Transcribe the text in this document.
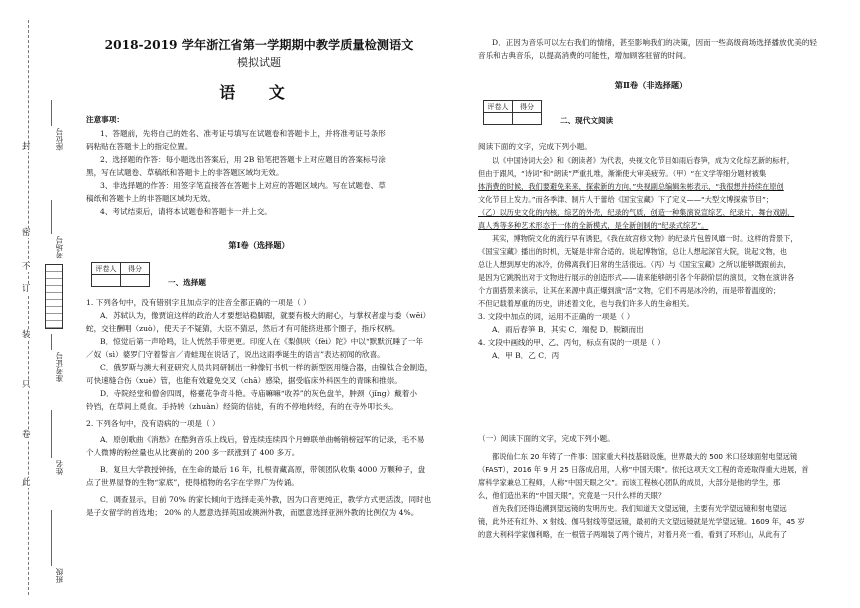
封
密
不
订
装
只
卷
此
座位号
考场号
准考证号
姓名
班级
2018-2019 学年浙江省第一学期期中教学质量检测语文
模拟试题
语 文
注意事项：

1、答题前，先将自己的姓名、准考证号填写在试题卷和答题卡上，并将准考证号条形

码粘贴在答题卡上的指定位置。

2、选择题的作答：每小题选出答案后，用 2B 铅笔把答题卡上对应题目的答案标号涂

黑，写在试题卷、草稿纸和答题卡上的非答题区域均无效。

3、非选择题的作答：用签字笔直接答在答题卡上对应的答题区域内。写在试题卷、草

稿纸和答题卡上的非答题区域均无效。

4、考试结束后，请将本试题卷和答题卡一并上交。

第Ⅰ卷（选择题）
评卷人	得分

一、选择题

1. 下列各句中，没有错别字且加点字的注音全都正确的一项是（ ）

A．苏轼认为，像贾谊这样的政治人才要想站稳脚跟，就要有极大的耐心，与掌权者虚与委（wēi）

蛇，交往酬唱（zuò），使天子不疑猜，大臣不猜忌，然后才有可能挤进那个圈子，指斥权柄。

B．惊觉后第一声哈鸣，让人恍然手带更更。印度人在《梨俱吠（fèi）陀》中以“默默沉睡了一年

／奴（sì）婆罗门守着誓言／青蛙现在说话了，说出这雨季诞生的语言”表达初闻的欣喜。

C．俄罗斯与澳大利亚研究人员共同研制出一种像钉书机一样的新型医用缝合器，由镍钛合金制造，

可快速缝合伤（xuè）管，也能有效避免交叉（chā）感染，据受临床外科医生的青睐和推崇。

D．寺院经堂和僧舍四周，格臺花争奇斗艳。寺庙嘛嘛“收养”的灰色盘羊，肿颈（jǐng）戴着小

铃铛，在草间上覓食。手持转（zhuàn）经筒的信徒，有的不停地转经，有的在寺外叩长头。

2. 下列各句中，没有语病的一项是（ ）

A．原创歌曲《消愁》在酷狗音乐上线后，曾连续连续四个月蝉联单曲畅销榜冠军的记录，毛不易

个人微博的粉丝量也从比赛前的 200 多一跃涨到了 400 多万。

B．复旦大学教授钟扬，在生命的最后 16 年，扎根青藏高原，带领团队收集 4000 万颗种子，盘

点了世界屋脊的生物“家底”，使得植物的名字在学界广为传诵。

C．调查显示，目前 70% 的家长倾向于选择走美外教，因为口音更纯正，教学方式更活泼，同时也

是子女留学的首选地； 20% 的人愿意选择英国或澳洲外教，而愿意选择亚洲外教的比例仅为 4%。

D．正因为音乐可以左右我们的情绪，甚至影响我们的决策，因而一些高级商场选择播放优美的轻

音乐和古典音乐，以提高消费的可能性，增加顾客驻留的时间。

第Ⅱ卷（非选择题）
评卷人	得分

二、现代文阅读
阅读下面的文字，完成下列小题。

以《中国诗词大会》和《朗读者》为代表，央视文化节目如雨后春笋，成为文化综艺新的标杆，

但由于跟风，“诗词”和“朗读”严重扎堆，渐渐使大审美疲劳。（甲）“在文学等细分题材被集

体消费的时候，我们要避免来来，探索新的方向，”央视副总编辑朱彬表示，“我很想并持续在原创

文化节目上发力。”而各季津、制片人于蕾给《国宝宝藏》下了定义——“大型文博探索节目”；

（乙）以历史文化的内核，综艺的外壳，纪录的气质，创造一种集演说宣综艺、纪录片，舞台戏剧，

真人秀等多种艺术形态于一体的全新模式，是全新创制的“纪录式综艺”。

其实，博物院文化的流行早有诱犯，《我在故宫修文物》的纪录片包曾风靡一时。这样的背景下，

《国宝宝藏》播出的时机，无疑是非常合适的。说起博物馆，总让人想起深官大院，说起文物，也

总让人想到厚史的冰冷，仿佛离我们日常的生活很远。（丙）与《国宝宝藏》之所以能够既跟前去，

是因为它跳脱出对于文物进行展示的创造形式——请来能够朗引各个年龄阶层的演员，文物在演讲各

个方面搭景来演示，让其在来源中真正爆到演“活”文物，它们不再是冰冷的，而是带着温度的；

不但记载着厚重的历史，讲述着文化，也与我们许多人的生命相关。

3. 文段中加点的词，运用不正确的一项是（ ）

A．雨后春笋 B．其实 C．端倪 D．脱颖而出

4. 文段中画线的甲、乙、丙句，标点有误的一项是（ ）

A．甲 B．乙 C．丙

（一）阅读下面的文字，完成下列小题。

都说仙仁东 20 年铸了一件事：国家重大科技基础设施，世界最大的 500 米口径球面射电望远镜

（FAST），2016 年 9 月 25 日落成启用，人称“中国天眼”。依托这项天文工程的奇迹取得重大进展，首

席科学家兼总工程师，人称“中国天眼之父”。而该工程核心团队的成员，大部分是他的学生，那

么，他们造出来的“中国天眼”，究竟是一只什么样的天眼？

首先我们还得追溯到望远镜的发明历史。我们知道天文望远镜，主要有光学望远镜和射电望远

镜，此外还有红外、X 射线、伽马射线等望远镜，最初的天文望远镜就是光学望远镜。1609 年，45 岁

的意大利科学家伽利略，在一根管子两端装了两个镜片，对着月亮一看，看到了环形山，从此有了
